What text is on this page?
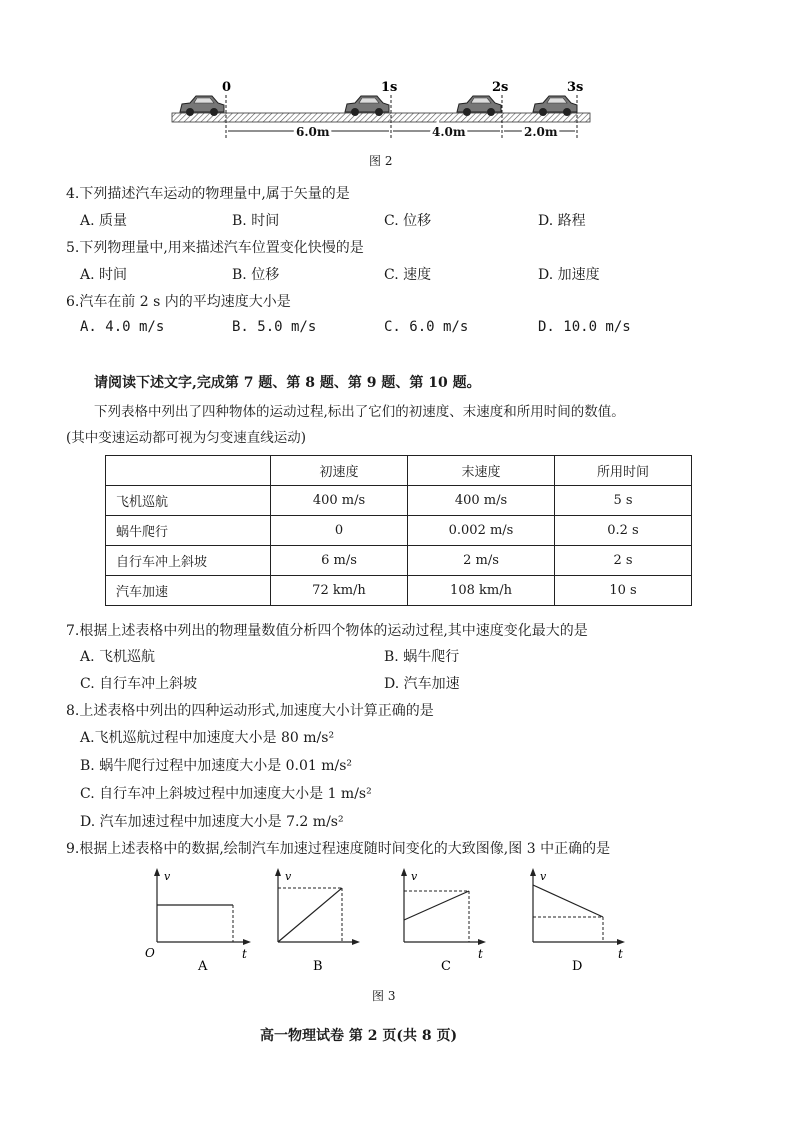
0	1s	2s	3s
6.0m	4.0m	2.0m
图 2
4.下列描述汽车运动的物理量中,属于矢量的是
A. 质量	B. 时间	C. 位移	D. 路程
5.下列物理量中,用来描述汽车位置变化快慢的是
A. 时间	B. 位移	C. 速度	D. 加速度
6.汽车在前 2 s 内的平均速度大小是
A. 4.0 m/s	B. 5.0 m/s	C. 6.0 m/s	D. 10.0 m/s
请阅读下述文字,完成第 7 题、第 8 题、第 9 题、第 10 题。
下列表格中列出了四种物体的运动过程,标出了它们的初速度、末速度和所用时间的数值。
(其中变速运动都可视为匀变速直线运动)
	初速度	末速度	所用时间
飞机巡航	400 m/s	400 m/s	5 s
蜗牛爬行	0	0.002 m/s	0.2 s
自行车冲上斜坡	6 m/s	2 m/s	2 s
汽车加速	72 km/h	108 km/h	10 s
7.根据上述表格中列出的物理量数值分析四个物体的运动过程,其中速度变化最大的是
A. 飞机巡航	B. 蜗牛爬行
C. 自行车冲上斜坡	D. 汽车加速
8.上述表格中列出的四种运动形式,加速度大小计算正确的是
A.飞机巡航过程中加速度大小是 80 m/s²
B. 蜗牛爬行过程中加速度大小是 0.01 m/s²
C. 自行车冲上斜坡过程中加速度大小是 1 m/s²
D. 汽车加速过程中加速度大小是 7.2 m/s²
9.根据上述表格中的数据,绘制汽车加速过程速度随时间变化的大致图像,图 3 中正确的是
v
t
O
A
v
B
v
t
C
v
t
D
图 3
高一物理试卷 第 2 页(共 8 页)
